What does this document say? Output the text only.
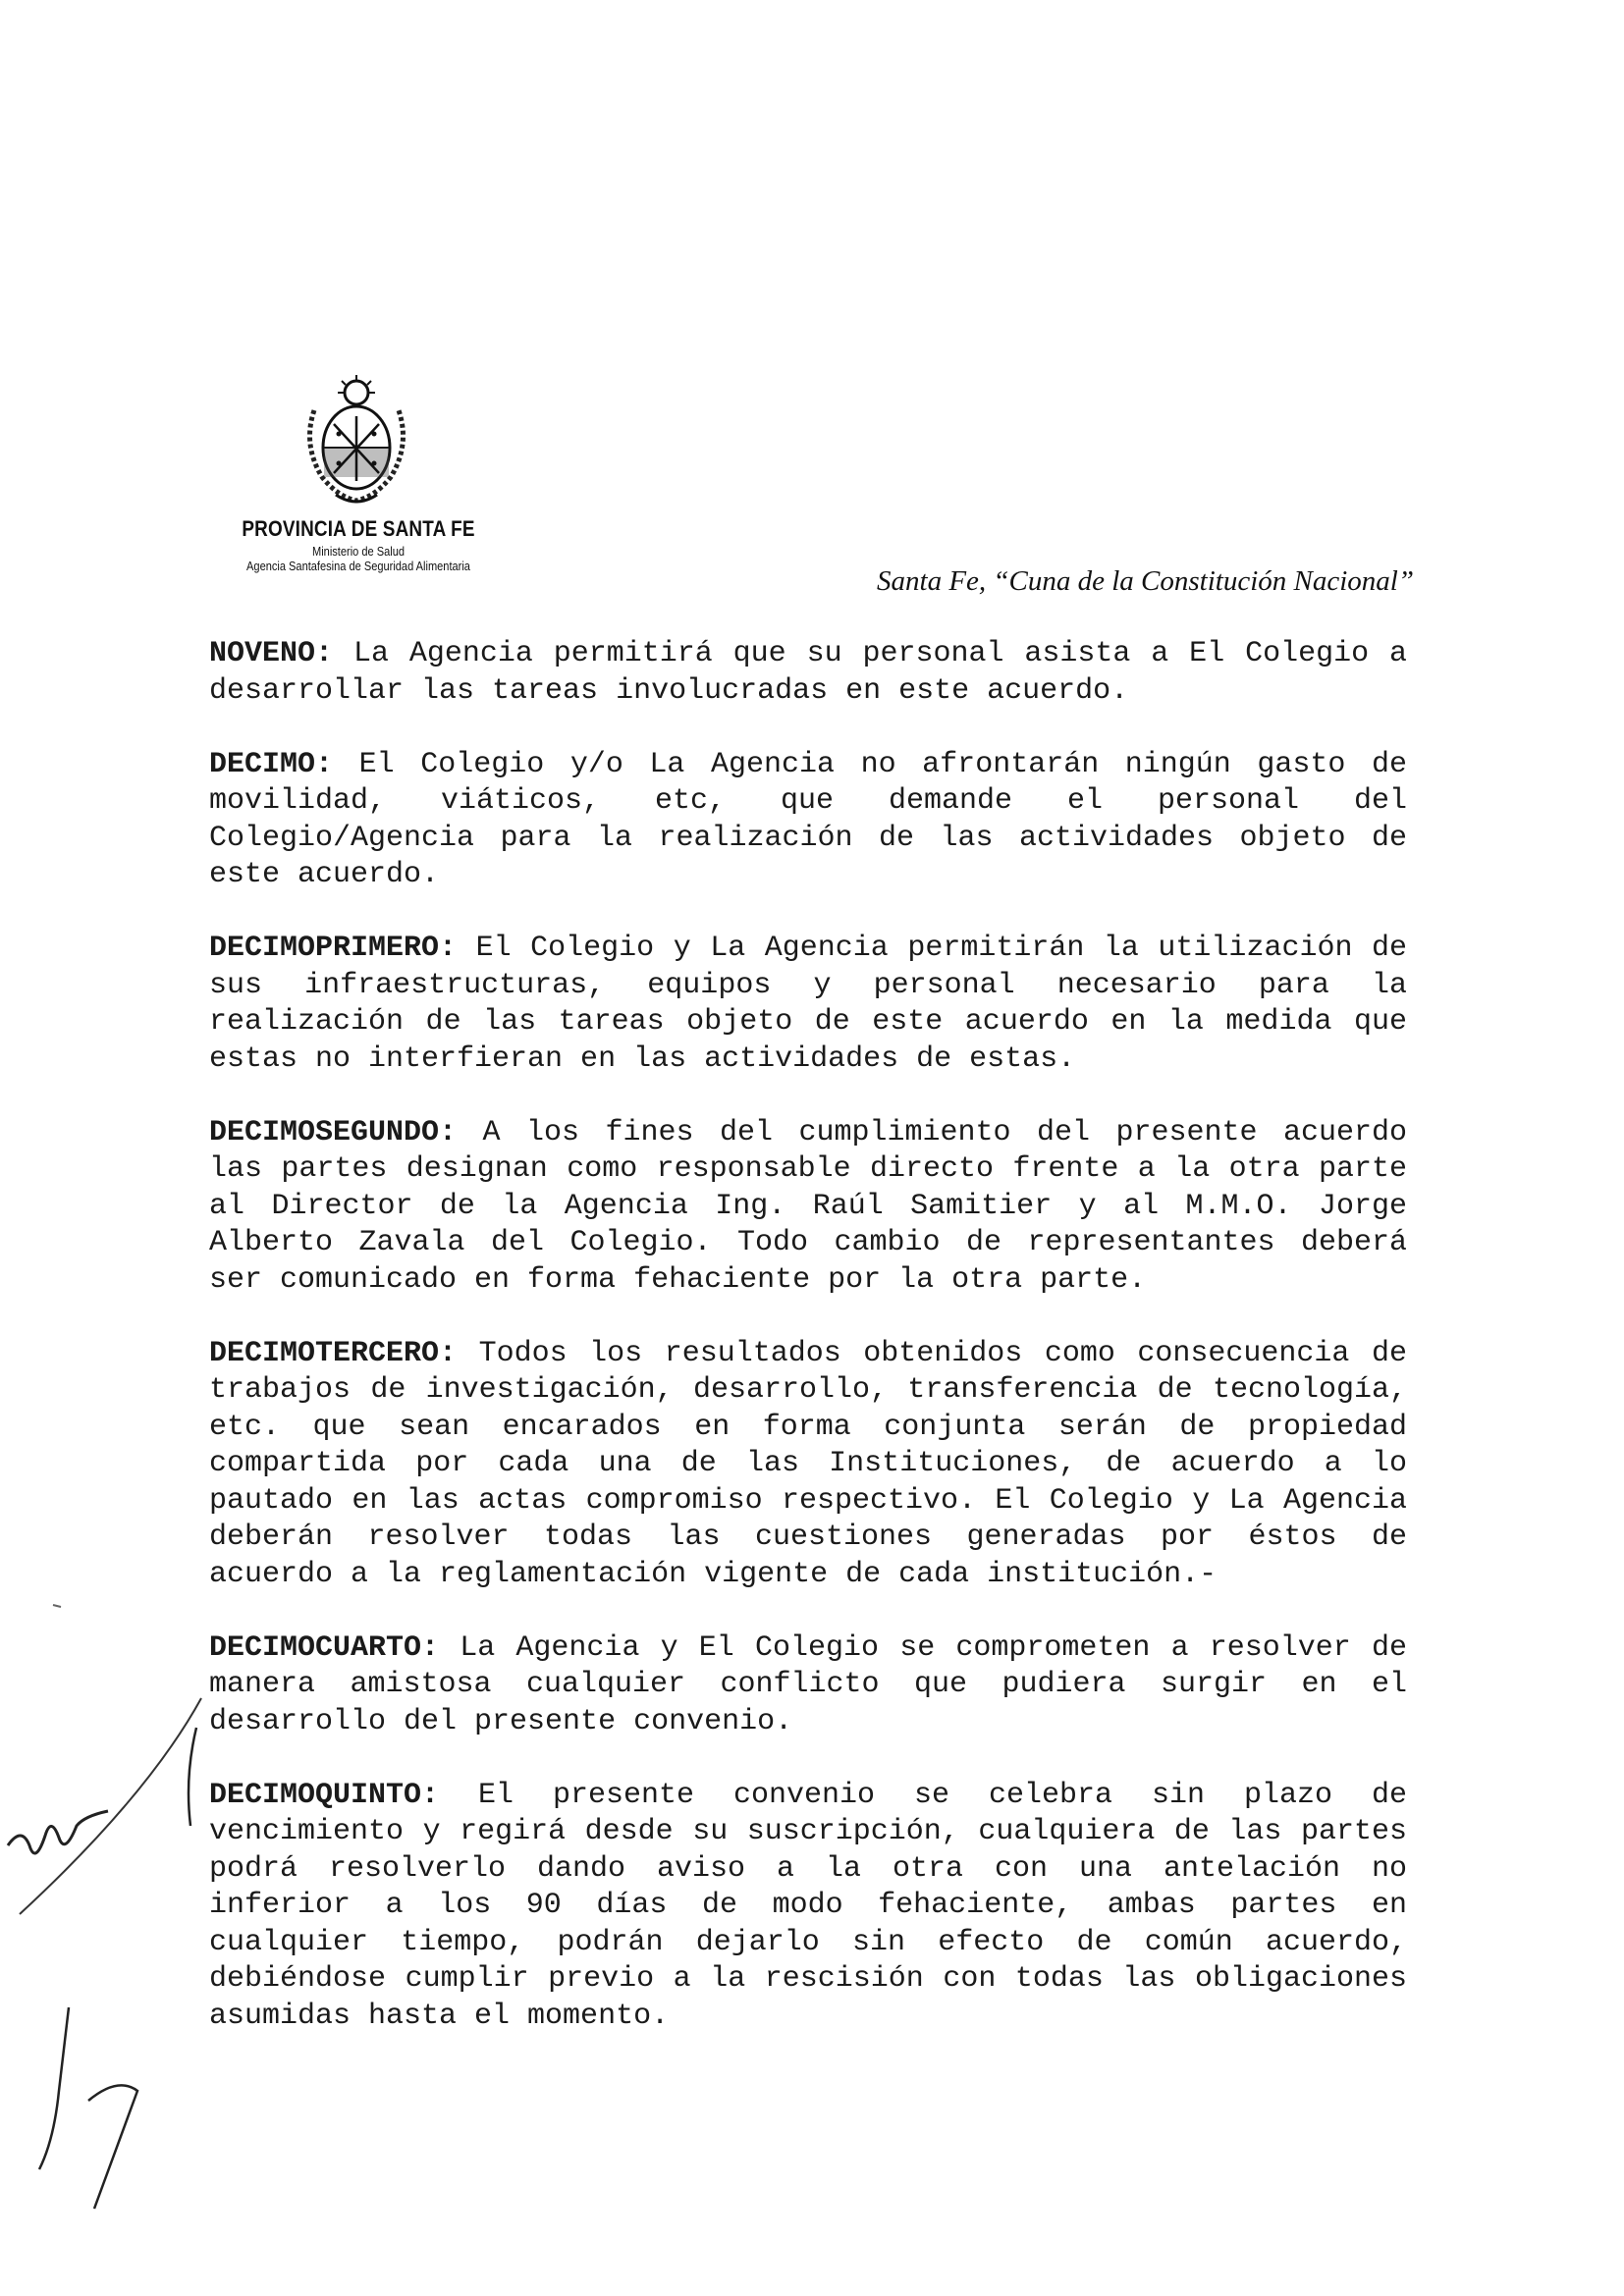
PROVINCIA DE SANTA FE
Ministerio de Salud
Agencia Santafesina de Seguridad Alimentaria	Santa Fe, “Cuna de la Constitución Nacional”

NOVENO: La Agencia permitirá que su personal asista a El Colegio a desarrollar las tareas involucradas en este acuerdo.

DECIMO: El Colegio y/o La Agencia no afrontarán ningún gasto de movilidad, viáticos, etc, que demande el personal del Colegio/Agencia para la realización de las actividades objeto de este acuerdo.

DECIMOPRIMERO: El Colegio y La Agencia permitirán la utilización de sus infraestructuras, equipos y personal necesario para la realización de las tareas objeto de este acuerdo en la medida que estas no interfieran en las actividades de estas.

DECIMOSEGUNDO: A los fines del cumplimiento del presente acuerdo las partes designan como responsable directo frente a la otra parte al Director de la Agencia Ing. Raúl Samitier y al M.M.O. Jorge Alberto Zavala del Colegio. Todo cambio de representantes deberá ser comunicado en forma fehaciente por la otra parte.

DECIMOTERCERO: Todos los resultados obtenidos como consecuencia de trabajos de investigación, desarrollo, transferencia de tecnología, etc. que sean encarados en forma conjunta serán de propiedad compartida por cada una de las Instituciones, de acuerdo a lo pautado en las actas compromiso respectivo. El Colegio y La Agencia deberán resolver todas las cuestiones generadas por éstos de acuerdo a la reglamentación vigente de cada institución.-

DECIMOCUARTO: La Agencia y El Colegio se comprometen a resolver de manera amistosa cualquier conflicto que pudiera surgir en el desarrollo del presente convenio.

DECIMOQUINTO: El presente convenio se celebra sin plazo de vencimiento y regirá desde su suscripción, cualquiera de las partes podrá resolverlo dando aviso a la otra con una antelación no inferior a los 90 días de modo fehaciente, ambas partes en cualquier tiempo, podrán dejarlo sin efecto de común acuerdo, debiéndose cumplir previo a la rescisión con todas las obligaciones asumidas hasta el momento.
